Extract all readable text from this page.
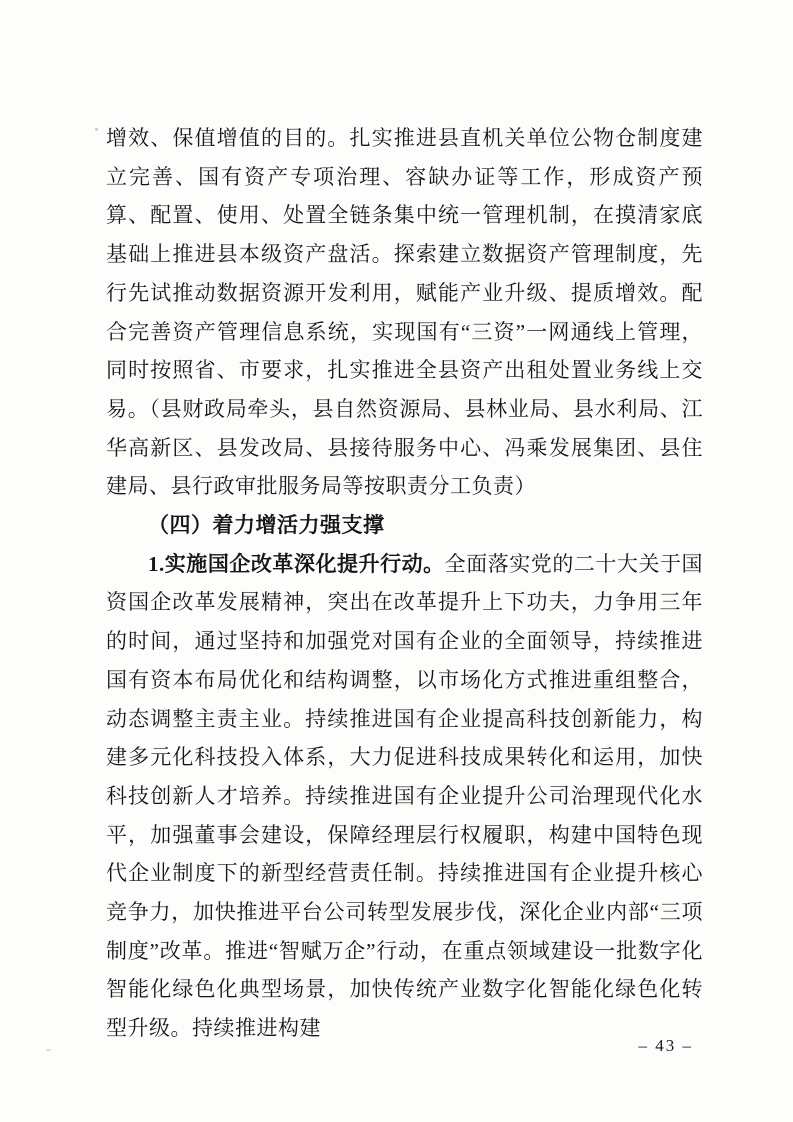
增效、保值增值的目的。扎实推进县直机关单位公物仓制度建立完善、国有资产专项治理、容缺办证等工作，形成资产预算、配置、使用、处置全链条集中统一管理机制，在摸清家底基础上推进县本级资产盘活。探索建立数据资产管理制度，先行先试推动数据资源开发利用，赋能产业升级、提质增效。配合完善资产管理信息系统，实现国有“三资”一网通线上管理，同时按照省、市要求，扎实推进全县资产出租处置业务线上交易。（县财政局牵头，县自然资源局、县林业局、县水利局、江华高新区、县发改局、县接待服务中心、冯乘发展集团、县住建局、县行政审批服务局等按职责分工负责）

（四）着力增活力强支撑

1.实施国企改革深化提升行动。全面落实党的二十大关于国资国企改革发展精神，突出在改革提升上下功夫，力争用三年的时间，通过坚持和加强党对国有企业的全面领导，持续推进国有资本布局优化和结构调整，以市场化方式推进重组整合，动态调整主责主业。持续推进国有企业提高科技创新能力，构建多元化科技投入体系，大力促进科技成果转化和运用，加快科技创新人才培养。持续推进国有企业提升公司治理现代化水平，加强董事会建设，保障经理层行权履职，构建中国特色现代企业制度下的新型经营责任制。持续推进国有企业提升核心竞争力，加快推进平台公司转型发展步伐，深化企业内部“三项制度”改革。推进“智赋万企”行动，在重点领域建设一批数字化智能化绿色化典型场景，加快传统产业数字化智能化绿色化转型升级。持续推进构建

– 43 –
